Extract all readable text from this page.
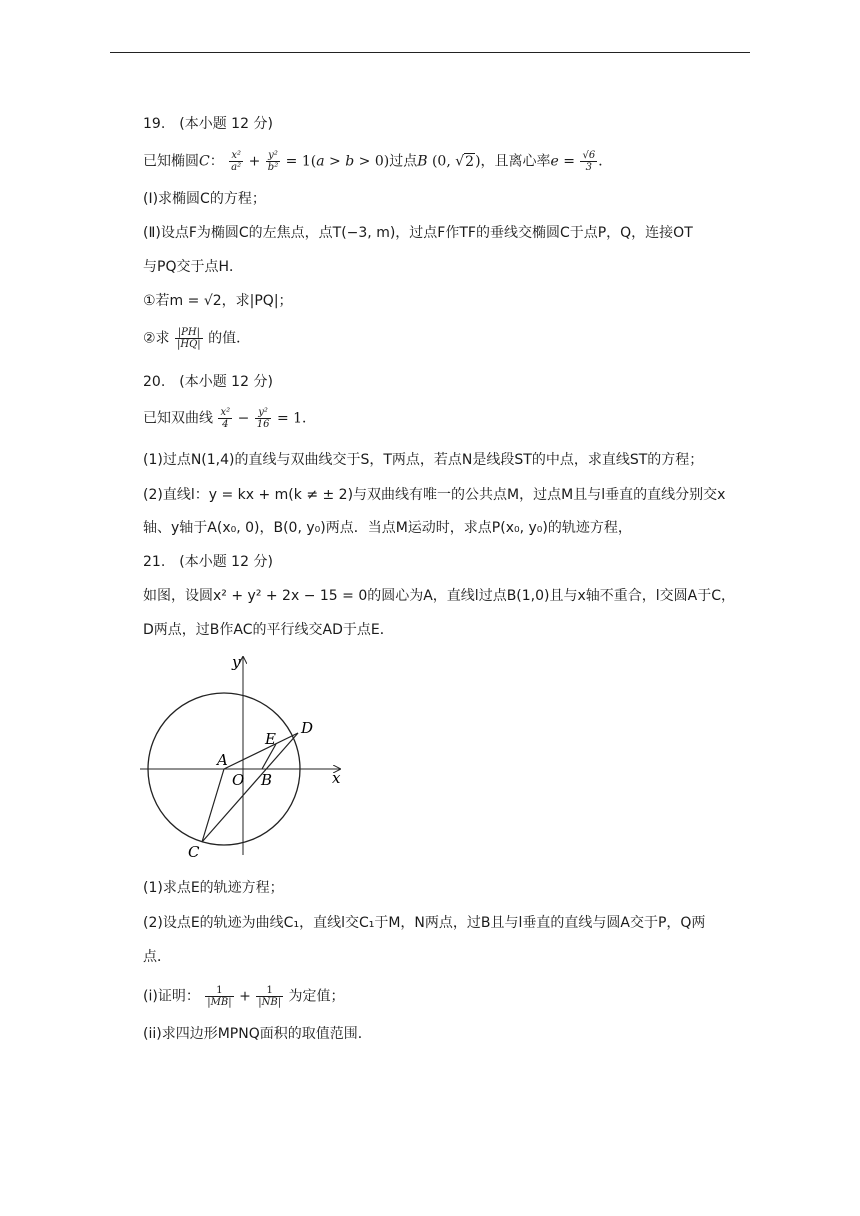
19.　(本小题 12 分)
已知椭圆C： $\frac{\text{x²}}{\text{a²}} + \frac{\text{y²}}{\text{b²}} = 1(a > b > 0)$过点B (0, √2)，且离心率$e = \frac{√6}{3}$ ．
(Ⅰ)求椭圆C的方程；
(Ⅱ)设点F为椭圆C的左焦点，点T(−3, m)，过点F作TF的垂线交椭圆C于点P，Q，连接OT
与PQ交于点H．
①若m = √2，求|PQ|；
②求 $\frac{|PH|}{|HQ|}$ 的值．
20.　(本小题 12 分)
已知双曲线 $\frac{\text{x²}}{4} - \frac{\text{y²}}{16} = 1$．
(1)过点N(1,4)的直线与双曲线交于S，T两点，若点N是线段ST的中点，求直线ST的方程；
(2)直线l：y = kx + m(k ≠ ± 2)与双曲线有唯一的公共点M，过点M且与l垂直的直线分别交x
轴、y轴于A(x₀, 0)，B(0, y₀)两点．当点M运动时，求点P(x₀, y₀)的轨迹方程，
21.　(本小题 12 分)
如图，设圆x² + y² + 2x − 15 = 0的圆心为A，直线l过点B(1,0)且与x轴不重合，l交圆A于C，
D两点，过B作AC的平行线交AD于点E．
y
x
D
E
A
O B
C
(1)求点E的轨迹方程；
(2)设点E的轨迹为曲线C₁，直线l交C₁于M，N两点，过B且与l垂直的直线与圆A交于P，Q两
点．
(i)证明： $\frac{1}{|MB|} + \frac{1}{|NB|}$ 为定值；
(ii)求四边形MPNQ面积的取值范围．
